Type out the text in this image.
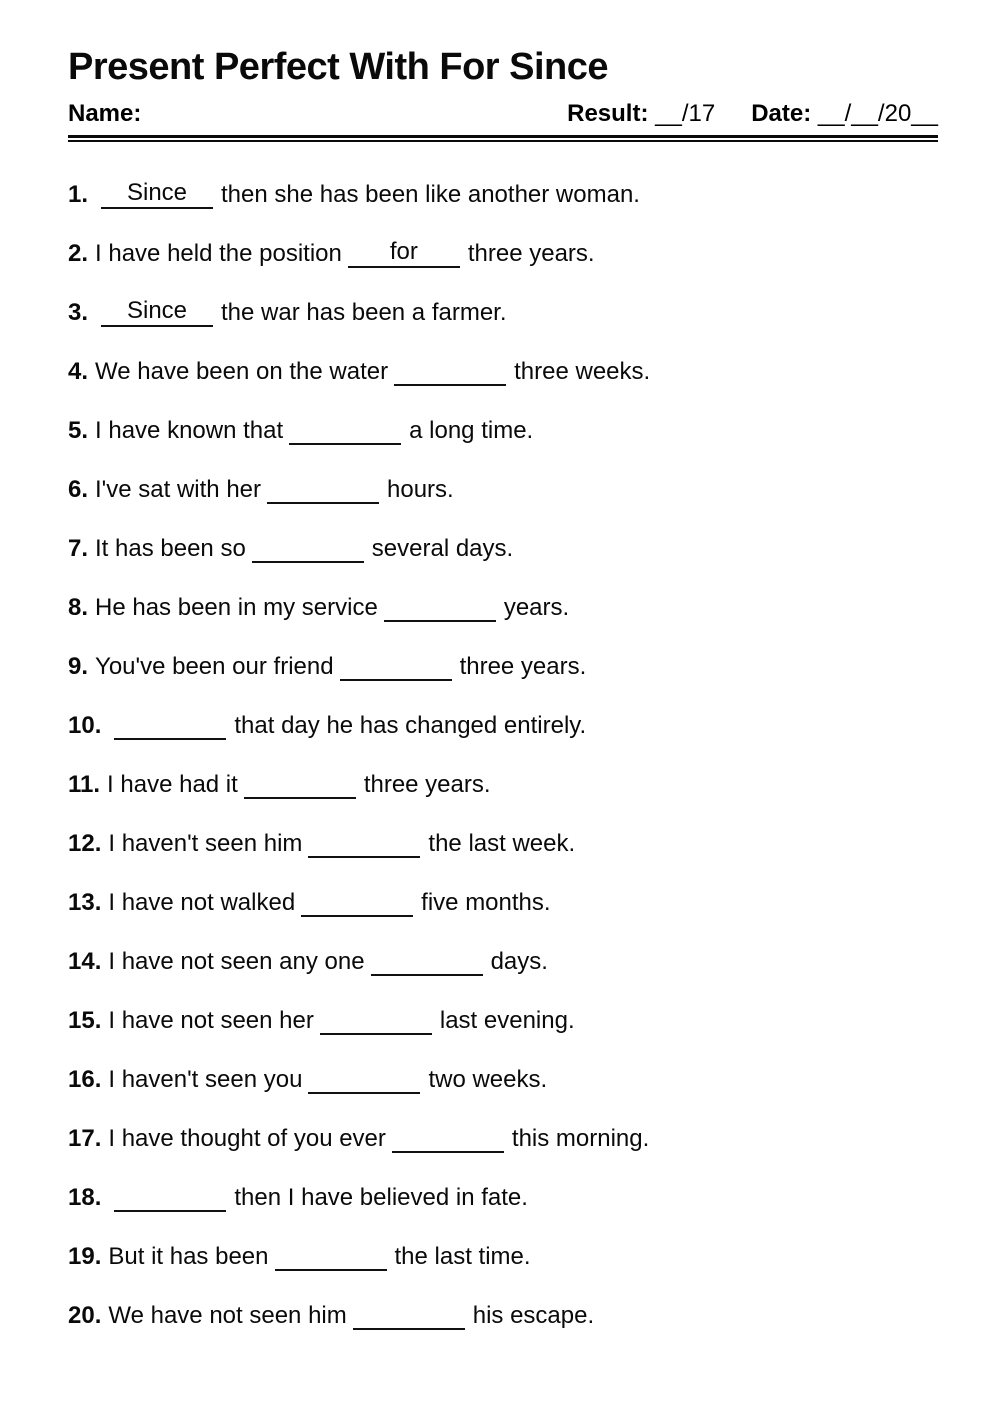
Present Perfect With For Since
Name:	Result: __/17 Date: __/__/20__

1.	Since	then she has been like another woman.

2. I have held the position	for	three years.

3.	Since	the war has been a farmer.

4. We have been on the water	three weeks.

5. I have known that	a long time.

6. I've sat with her	hours.

7. It has been so	several days.

8. He has been in my service	years.

9. You've been our friend	three years.

10.	that day he has changed entirely.

11. I have had it	three years.

12. I haven't seen him	the last week.

13. I have not walked	five months.

14. I have not seen any one	days.

15. I have not seen her	last evening.

16. I haven't seen you	two weeks.

17. I have thought of you ever	this morning.

18.	then I have believed in fate.

19. But it has been	the last time.

20. We have not seen him	his escape.
